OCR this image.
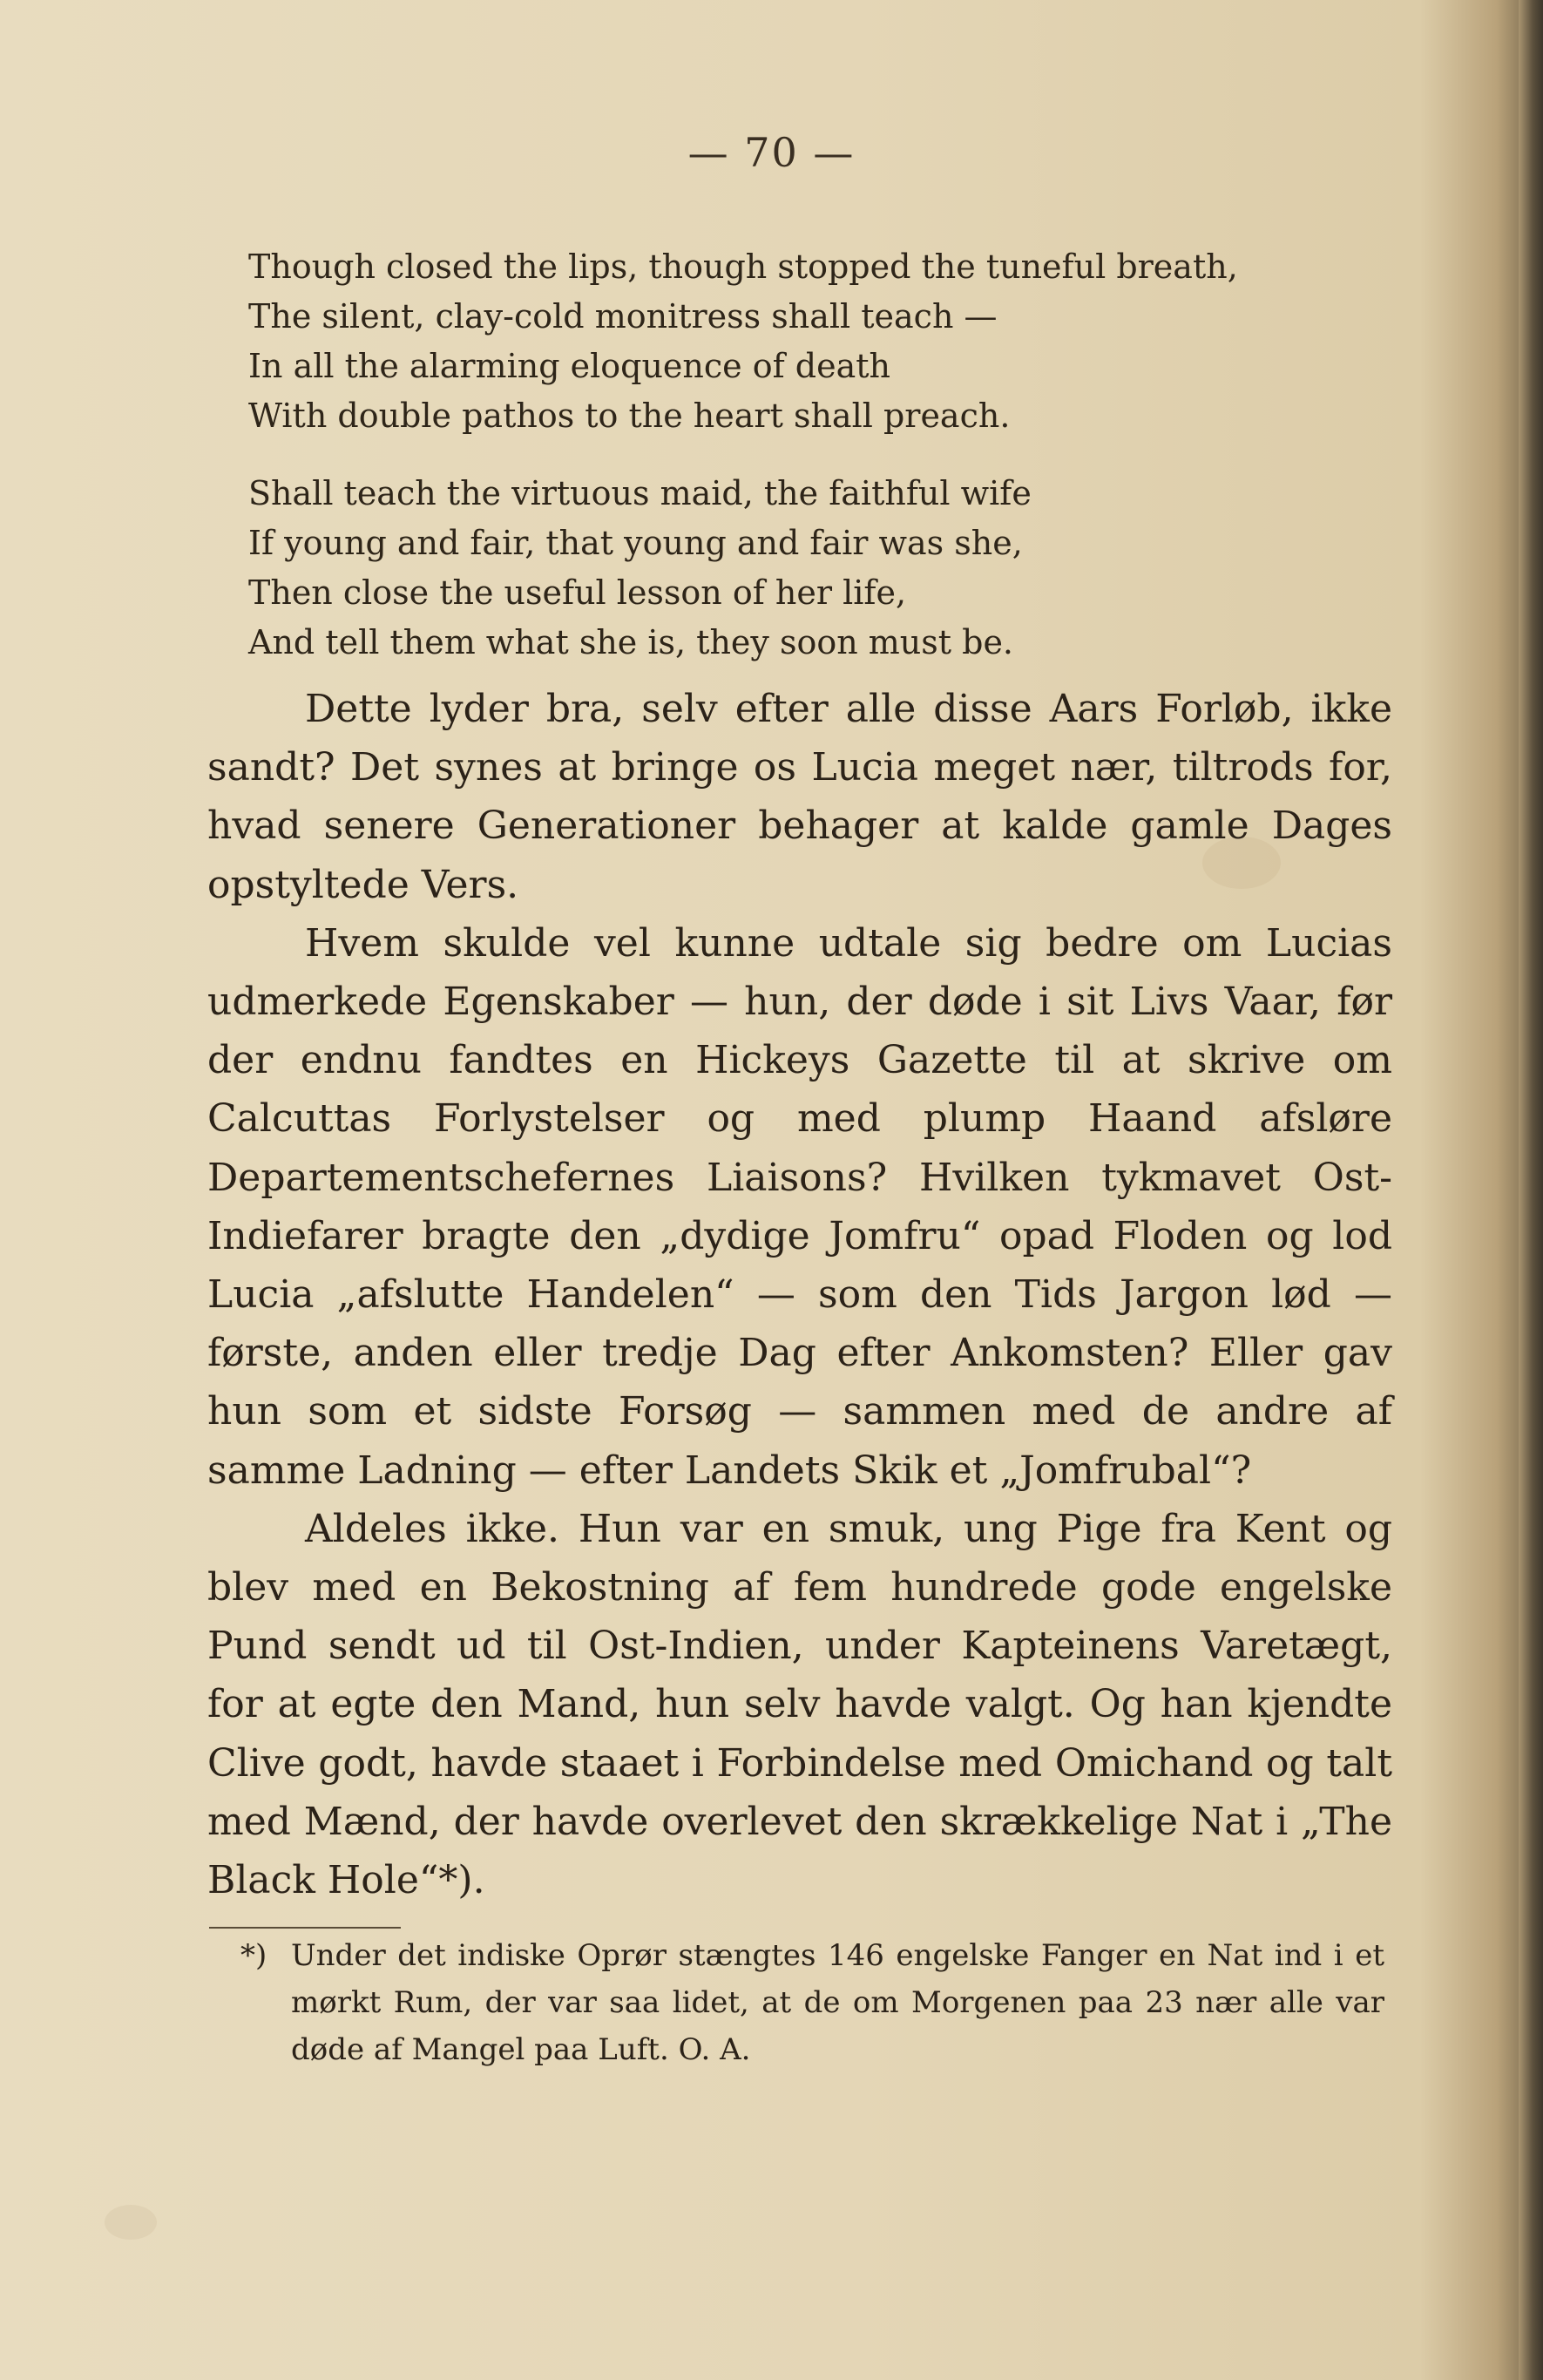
— 70 —
Though closed the lips, though stopped the tuneful breath,
The silent, clay-cold monitress shall teach —
In all the alarming eloquence of death
With double pathos to the heart shall preach.
Shall teach the virtuous maid, the faithful wife
If young and fair, that young and fair was she,
Then close the useful lesson of her life,
And tell them what she is, they soon must be.

Dette lyder bra, selv efter alle disse Aars Forløb, ikke sandt? Det synes at bringe os Lucia meget nær, tiltrods for, hvad senere Generationer behager at kalde gamle Dages opstyltede Vers.

Hvem skulde vel kunne udtale sig bedre om Lucias udmerkede Egenskaber — hun, der døde i sit Livs Vaar, før der endnu fandtes en Hickeys Gazette til at skrive om Calcuttas Forlystelser og med plump Haand afsløre Departementschefernes Liaisons? Hvilken tykmavet Ost-Indiefarer bragte den „dydige Jomfru“ opad Floden og lod Lucia „afslutte Handelen“ — som den Tids Jargon lød — første, anden eller tredje Dag efter Ankomsten? Eller gav hun som et sidste Forsøg — sammen med de andre af samme Ladning — efter Landets Skik et „Jomfrubal“?

Aldeles ikke. Hun var en smuk, ung Pige fra Kent og blev med en Bekostning af fem hundrede gode engelske Pund sendt ud til Ost-Indien, under Kapteinens Varetægt, for at egte den Mand, hun selv havde valgt. Og han kjendte Clive godt, havde staaet i Forbindelse med Omichand og talt med Mænd, der havde overlevet den skrækkelige Nat i „The Black Hole“*).

*) Under det indiske Oprør stængtes 146 engelske Fanger en Nat ind i et mørkt Rum, der var saa lidet, at de om Morgenen paa 23 nær alle var døde af Mangel paa Luft. O. A.
